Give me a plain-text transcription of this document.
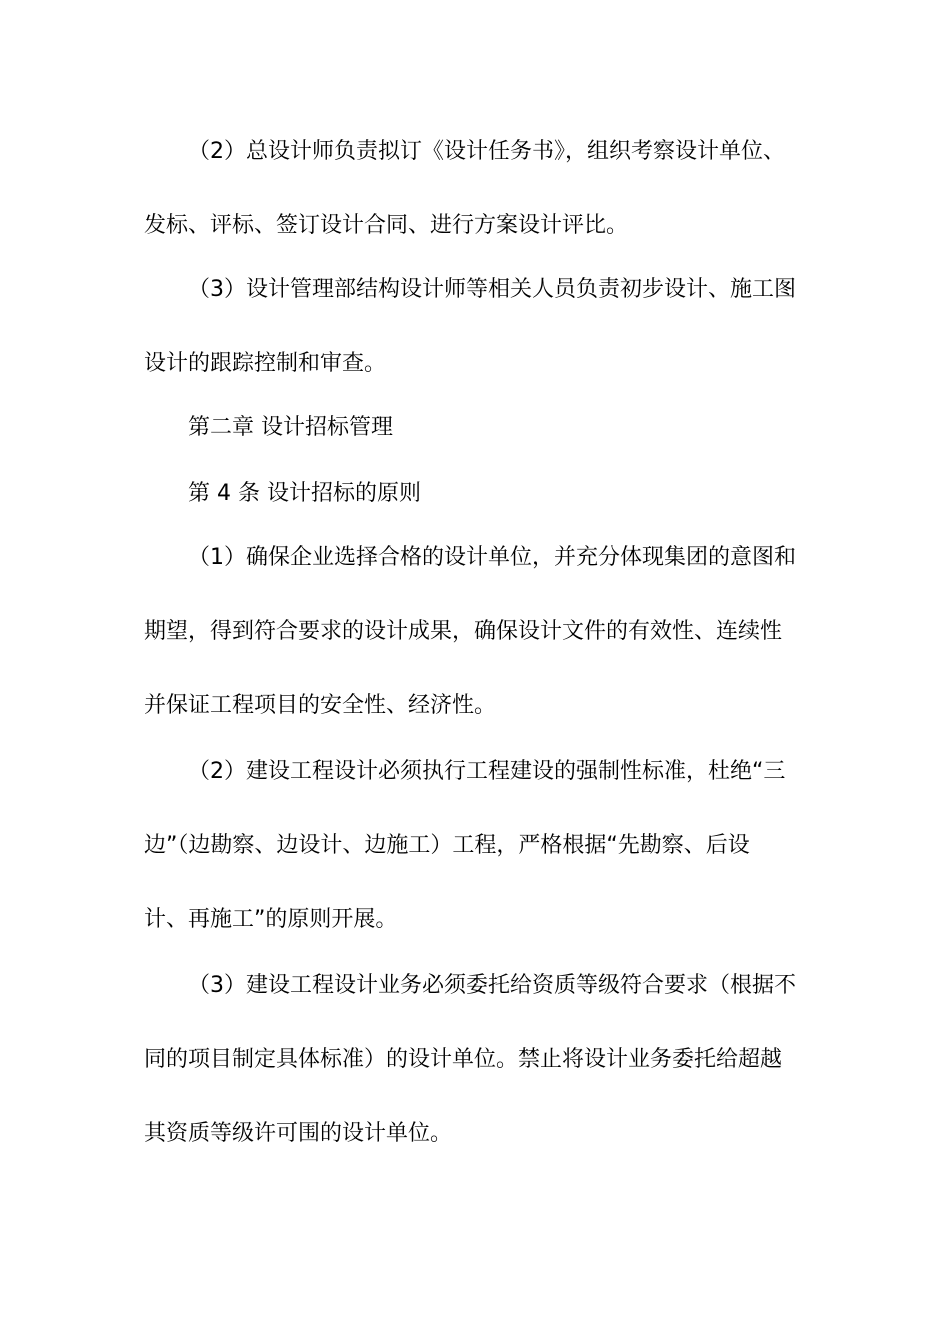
（2）总设计师负责拟订《设计任务书》，组织考察设计单位、
发标、评标、签订设计合同、进行方案设计评比。
（3）设计管理部结构设计师等相关人员负责初步设计、施工图
设计的跟踪控制和审查。
第二章 设计招标管理
第 4 条 设计招标的原则
（1）确保企业选择合格的设计单位，并充分体现集团的意图和
期望，得到符合要求的设计成果，确保设计文件的有效性、连续性
并保证工程项目的安全性、经济性。
（2）建设工程设计必须执行工程建设的强制性标准，杜绝“三
边”（边勘察、边设计、边施工）工程，严格根据“先勘察、后设
计、再施工”的原则开展。
（3）建设工程设计业务必须委托给资质等级符合要求（根据不
同的项目制定具体标准）的设计单位。禁止将设计业务委托给超越
其资质等级许可围的设计单位。
